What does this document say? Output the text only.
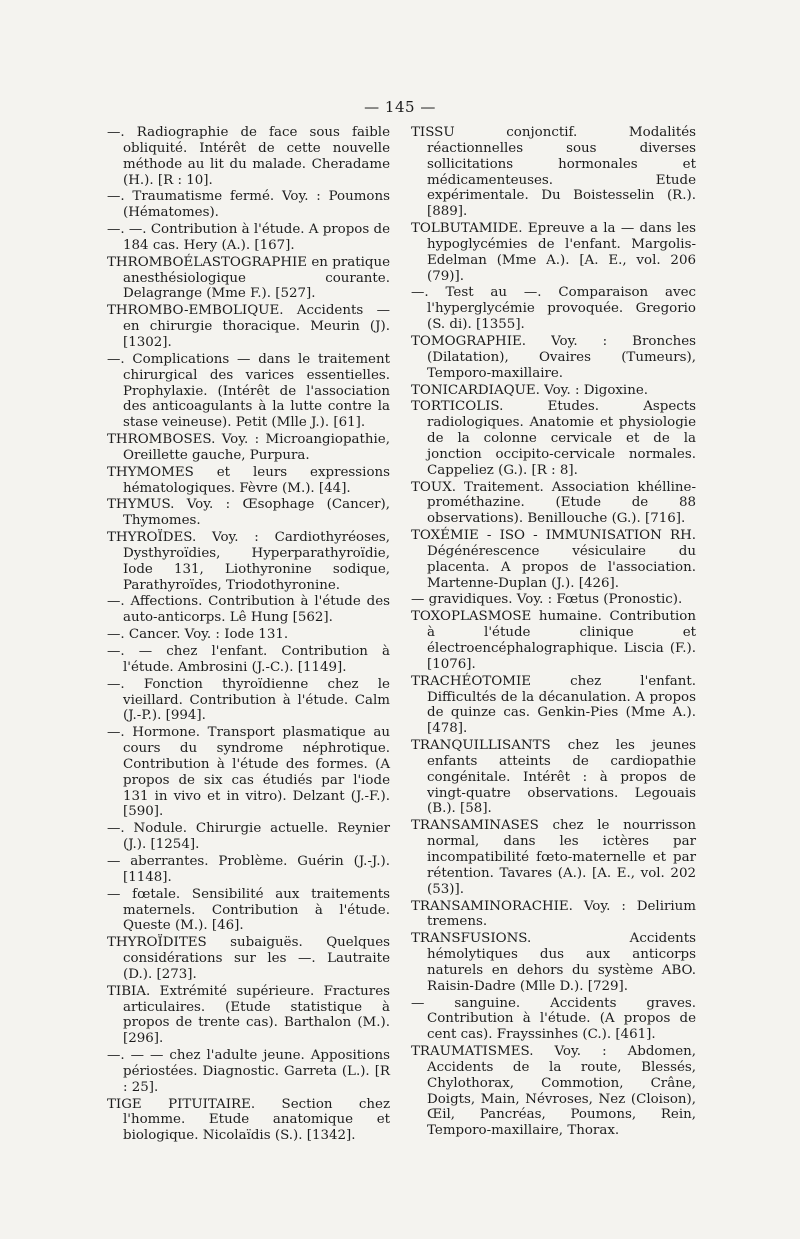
— 145 —
—. Radiographie de face sous faible obliquité. Intérêt de cette nouvelle méthode au lit du malade. Cheradame (H.). [R : 10].
—. Traumatisme fermé. Voy. : Poumons (Hématomes).
—. —. Contribution à l'étude. A propos de 184 cas. Hery (A.). [167].
THROMBOÉLASTOGRAPHIE en pratique anesthésiologique courante. Delagrange (Mme F.). [527].
THROMBO-EMBOLIQUE. Accidents — en chirurgie thoracique. Meurin (J). [1302].
—. Complications — dans le traitement chirurgical des varices essentielles. Prophylaxie. (Intérêt de l'association des anticoagulants à la lutte contre la stase veineuse). Petit (Mlle J.). [61].
THROMBOSES. Voy. : Microangiopathie, Oreillette gauche, Purpura.
THYMOMES et leurs expressions hématologiques. Fèvre (M.). [44].
THYMUS. Voy. : Œsophage (Cancer), Thymomes.
THYROÏDES. Voy. : Cardiothyréoses, Dysthyroïdies, Hyperparathyroïdie, Iode 131, Liothyronine sodique, Parathyroïdes, Triodothyronine.
—. Affections. Contribution à l'étude des auto-anticorps. Lê Hung [562].
—. Cancer. Voy. : Iode 131.
—. — chez l'enfant. Contribution à l'étude. Ambrosini (J.-C.). [1149].
—. Fonction thyroïdienne chez le vieillard. Contribution à l'étude. Calm (J.-P.). [994].
—. Hormone. Transport plasmatique au cours du syndrome néphrotique. Contribution à l'étude des formes. (A propos de six cas étudiés par l'iode 131 in vivo et in vitro). Delzant (J.-F.). [590].
—. Nodule. Chirurgie actuelle. Reynier (J.). [1254].
— aberrantes. Problème. Guérin (J.-J.). [1148].
— fœtale. Sensibilité aux traitements maternels. Contribution à l'étude. Queste (M.). [46].
THYROÏDITES subaiguës. Quelques considérations sur les —. Lautraite (D.). [273].
TIBIA. Extrémité supérieure. Fractures articulaires. (Etude statistique à propos de trente cas). Barthalon (M.). [296].
—. — — chez l'adulte jeune. Appositions périostées. Diagnostic. Garreta (L.). [R : 25].
TIGE PITUITAIRE. Section chez l'homme. Etude anatomique et biologique. Nicolaïdis (S.). [1342].
TISSU conjonctif. Modalités réactionnelles sous diverses sollicitations hormonales et médicamenteuses. Etude expérimentale. Du Boistesselin (R.). [889].
TOLBUTAMIDE. Epreuve a la — dans les hypoglycémies de l'enfant. Margolis-Edelman (Mme A.). [A. E., vol. 206 (79)].
—. Test au —. Comparaison avec l'hyperglycémie provoquée. Gregorio (S. di). [1355].
TOMOGRAPHIE. Voy. : Bronches (Dilatation), Ovaires (Tumeurs), Temporo-maxillaire.
TONICARDIAQUE. Voy. : Digoxine.
TORTICOLIS. Etudes. Aspects radiologiques. Anatomie et physiologie de la colonne cervicale et de la jonction occipito-cervicale normales. Cappeliez (G.). [R : 8].
TOUX. Traitement. Association khélline-prométhazine. (Etude de 88 observations). Benillouche (G.). [716].
TOXÉMIE - ISO - IMMUNISATION RH. Dégénérescence vésiculaire du placenta. A propos de l'association. Martenne-Duplan (J.). [426].
— gravidiques. Voy. : Fœtus (Pronostic).
TOXOPLASMOSE humaine. Contribution à l'étude clinique et électroencéphalographique. Liscia (F.). [1076].
TRACHÉOTOMIE chez l'enfant. Difficultés de la décanulation. A propos de quinze cas. Genkin-Pies (Mme A.). [478].
TRANQUILLISANTS chez les jeunes enfants atteints de cardiopathie congénitale. Intérêt : à propos de vingt-quatre observations. Legouais (B.). [58].
TRANSAMINASES chez le nourrisson normal, dans les ictères par incompatibilité fœto-maternelle et par rétention. Tavares (A.). [A. E., vol. 202 (53)].
TRANSAMINORACHIE. Voy. : Delirium tremens.
TRANSFUSIONS. Accidents hémolytiques dus aux anticorps naturels en dehors du système ABO. Raisin-Dadre (Mlle D.). [729].
— sanguine. Accidents graves. Contribution à l'étude. (A propos de cent cas). Frayssinhes (C.). [461].
TRAUMATISMES. Voy. : Abdomen, Accidents de la route, Blessés, Chylothorax, Commotion, Crâne, Doigts, Main, Névroses, Nez (Cloison), Œil, Pancréas, Poumons, Rein, Temporo-maxillaire, Thorax.
